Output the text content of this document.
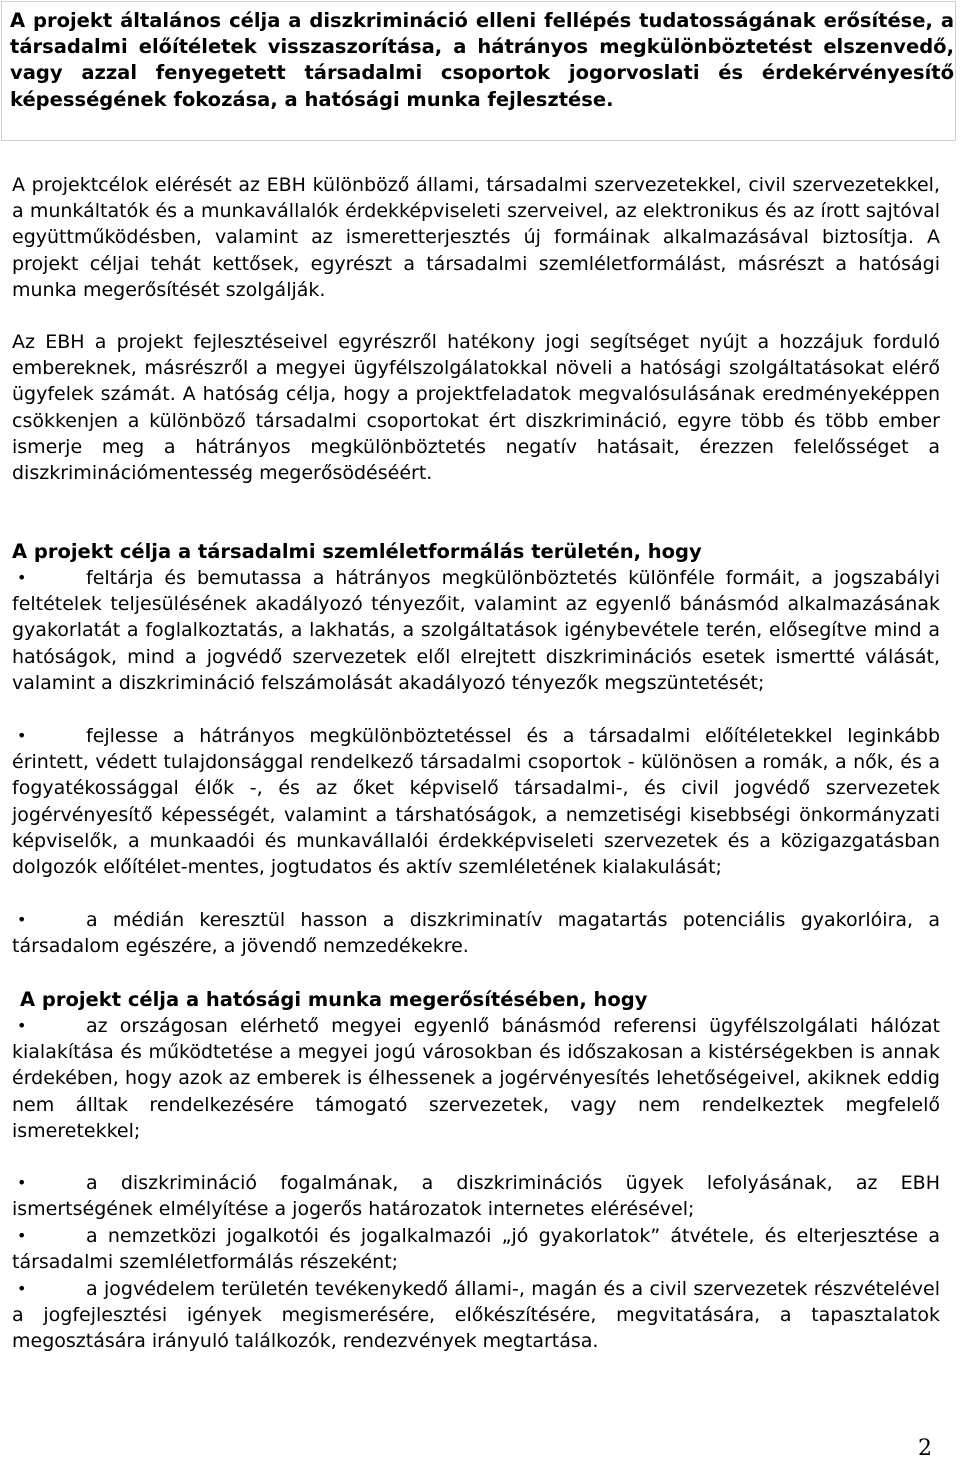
A projekt általános célja a diszkrimináció elleni fellépés tudatosságának erősítése, a társadalmi előítéletek visszaszorítása, a hátrányos megkülönböztetést elszenvedő, vagy azzal fenyegetett társadalmi csoportok jogorvoslati és érdekérvényesítő képességének fokozása, a hatósági munka fejlesztése.

A projektcélok elérését az EBH különböző állami, társadalmi szervezetekkel, civil szervezetekkel, a munkáltatók és a munkavállalók érdekképviseleti szerveivel, az elektronikus és az írott sajtóval együttműködésben, valamint az ismeretterjesztés új formáinak alkalmazásával biztosítja. A projekt céljai tehát kettősek, egyrészt a társadalmi szemléletformálást, másrészt a hatósági munka megerősítését szolgálják.

Az EBH a projekt fejlesztéseivel egyrészről hatékony jogi segítséget nyújt a hozzájuk forduló embereknek, másrészről a megyei ügyfélszolgálatokkal növeli a hatósági szolgáltatásokat elérő ügyfelek számát. A hatóság célja, hogy a projektfeladatok megvalósulásának eredményeképpen csökkenjen a különböző társadalmi csoportokat ért diszkrimináció, egyre több és több ember ismerje meg a hátrányos megkülönböztetés negatív hatásait, érezzen felelősséget a diszkriminációmentesség megerősödéséért.

A projekt célja a társadalmi szemléletformálás területén, hogy

•	feltárja és bemutassa a hátrányos megkülönböztetés különféle formáit, a jogszabályi feltételek teljesülésének akadályozó tényezőit, valamint az egyenlő bánásmód alkalmazásának gyakorlatát a foglalkoztatás, a lakhatás, a szolgáltatások igénybevétele terén, elősegítve mind a hatóságok, mind a jogvédő szervezetek elől elrejtett diszkriminációs esetek ismertté válását, valamint a diszkrimináció felszámolását akadályozó tényezők megszüntetését;

•	fejlesse a hátrányos megkülönböztetéssel és a társadalmi előítéletekkel leginkább érintett, védett tulajdonsággal rendelkező társadalmi csoportok - különösen a romák, a nők, és a fogyatékossággal élők -, és az őket képviselő társadalmi-, és civil jogvédő szervezetek jogérvényesítő képességét, valamint a társhatóságok, a nemzetiségi kisebbségi önkormányzati képviselők, a munkaadói és munkavállalói érdekképviseleti szervezetek és a közigazgatásban dolgozók előítélet-mentes, jogtudatos és aktív szemléletének kialakulását;

•	a médián keresztül hasson a diszkriminatív magatartás potenciális gyakorlóira, a társadalom egészére, a jövendő nemzedékekre.

A projekt célja a hatósági munka megerősítésében, hogy

•	az országosan elérhető megyei egyenlő bánásmód referensi ügyfélszolgálati hálózat kialakítása és működtetése a megyei jogú városokban és időszakosan a kistérségekben is annak érdekében, hogy azok az emberek is élhessenek a jogérvényesítés lehetőségeivel, akiknek eddig nem álltak rendelkezésére támogató szervezetek, vagy nem rendelkeztek megfelelő ismeretekkel;

•	a diszkrimináció fogalmának, a diszkriminációs ügyek lefolyásának, az EBH ismertségének elmélyítése a jogerős határozatok internetes elérésével;

•	a nemzetközi jogalkotói és jogalkalmazói „jó gyakorlatok” átvétele, és elterjesztése a társadalmi szemléletformálás részeként;

•	a jogvédelem területén tevékenykedő állami-, magán és a civil szervezetek részvételével a jogfejlesztési igények megismerésére, előkészítésére, megvitatására, a tapasztalatok megosztására irányuló találkozók, rendezvények megtartása.

2
